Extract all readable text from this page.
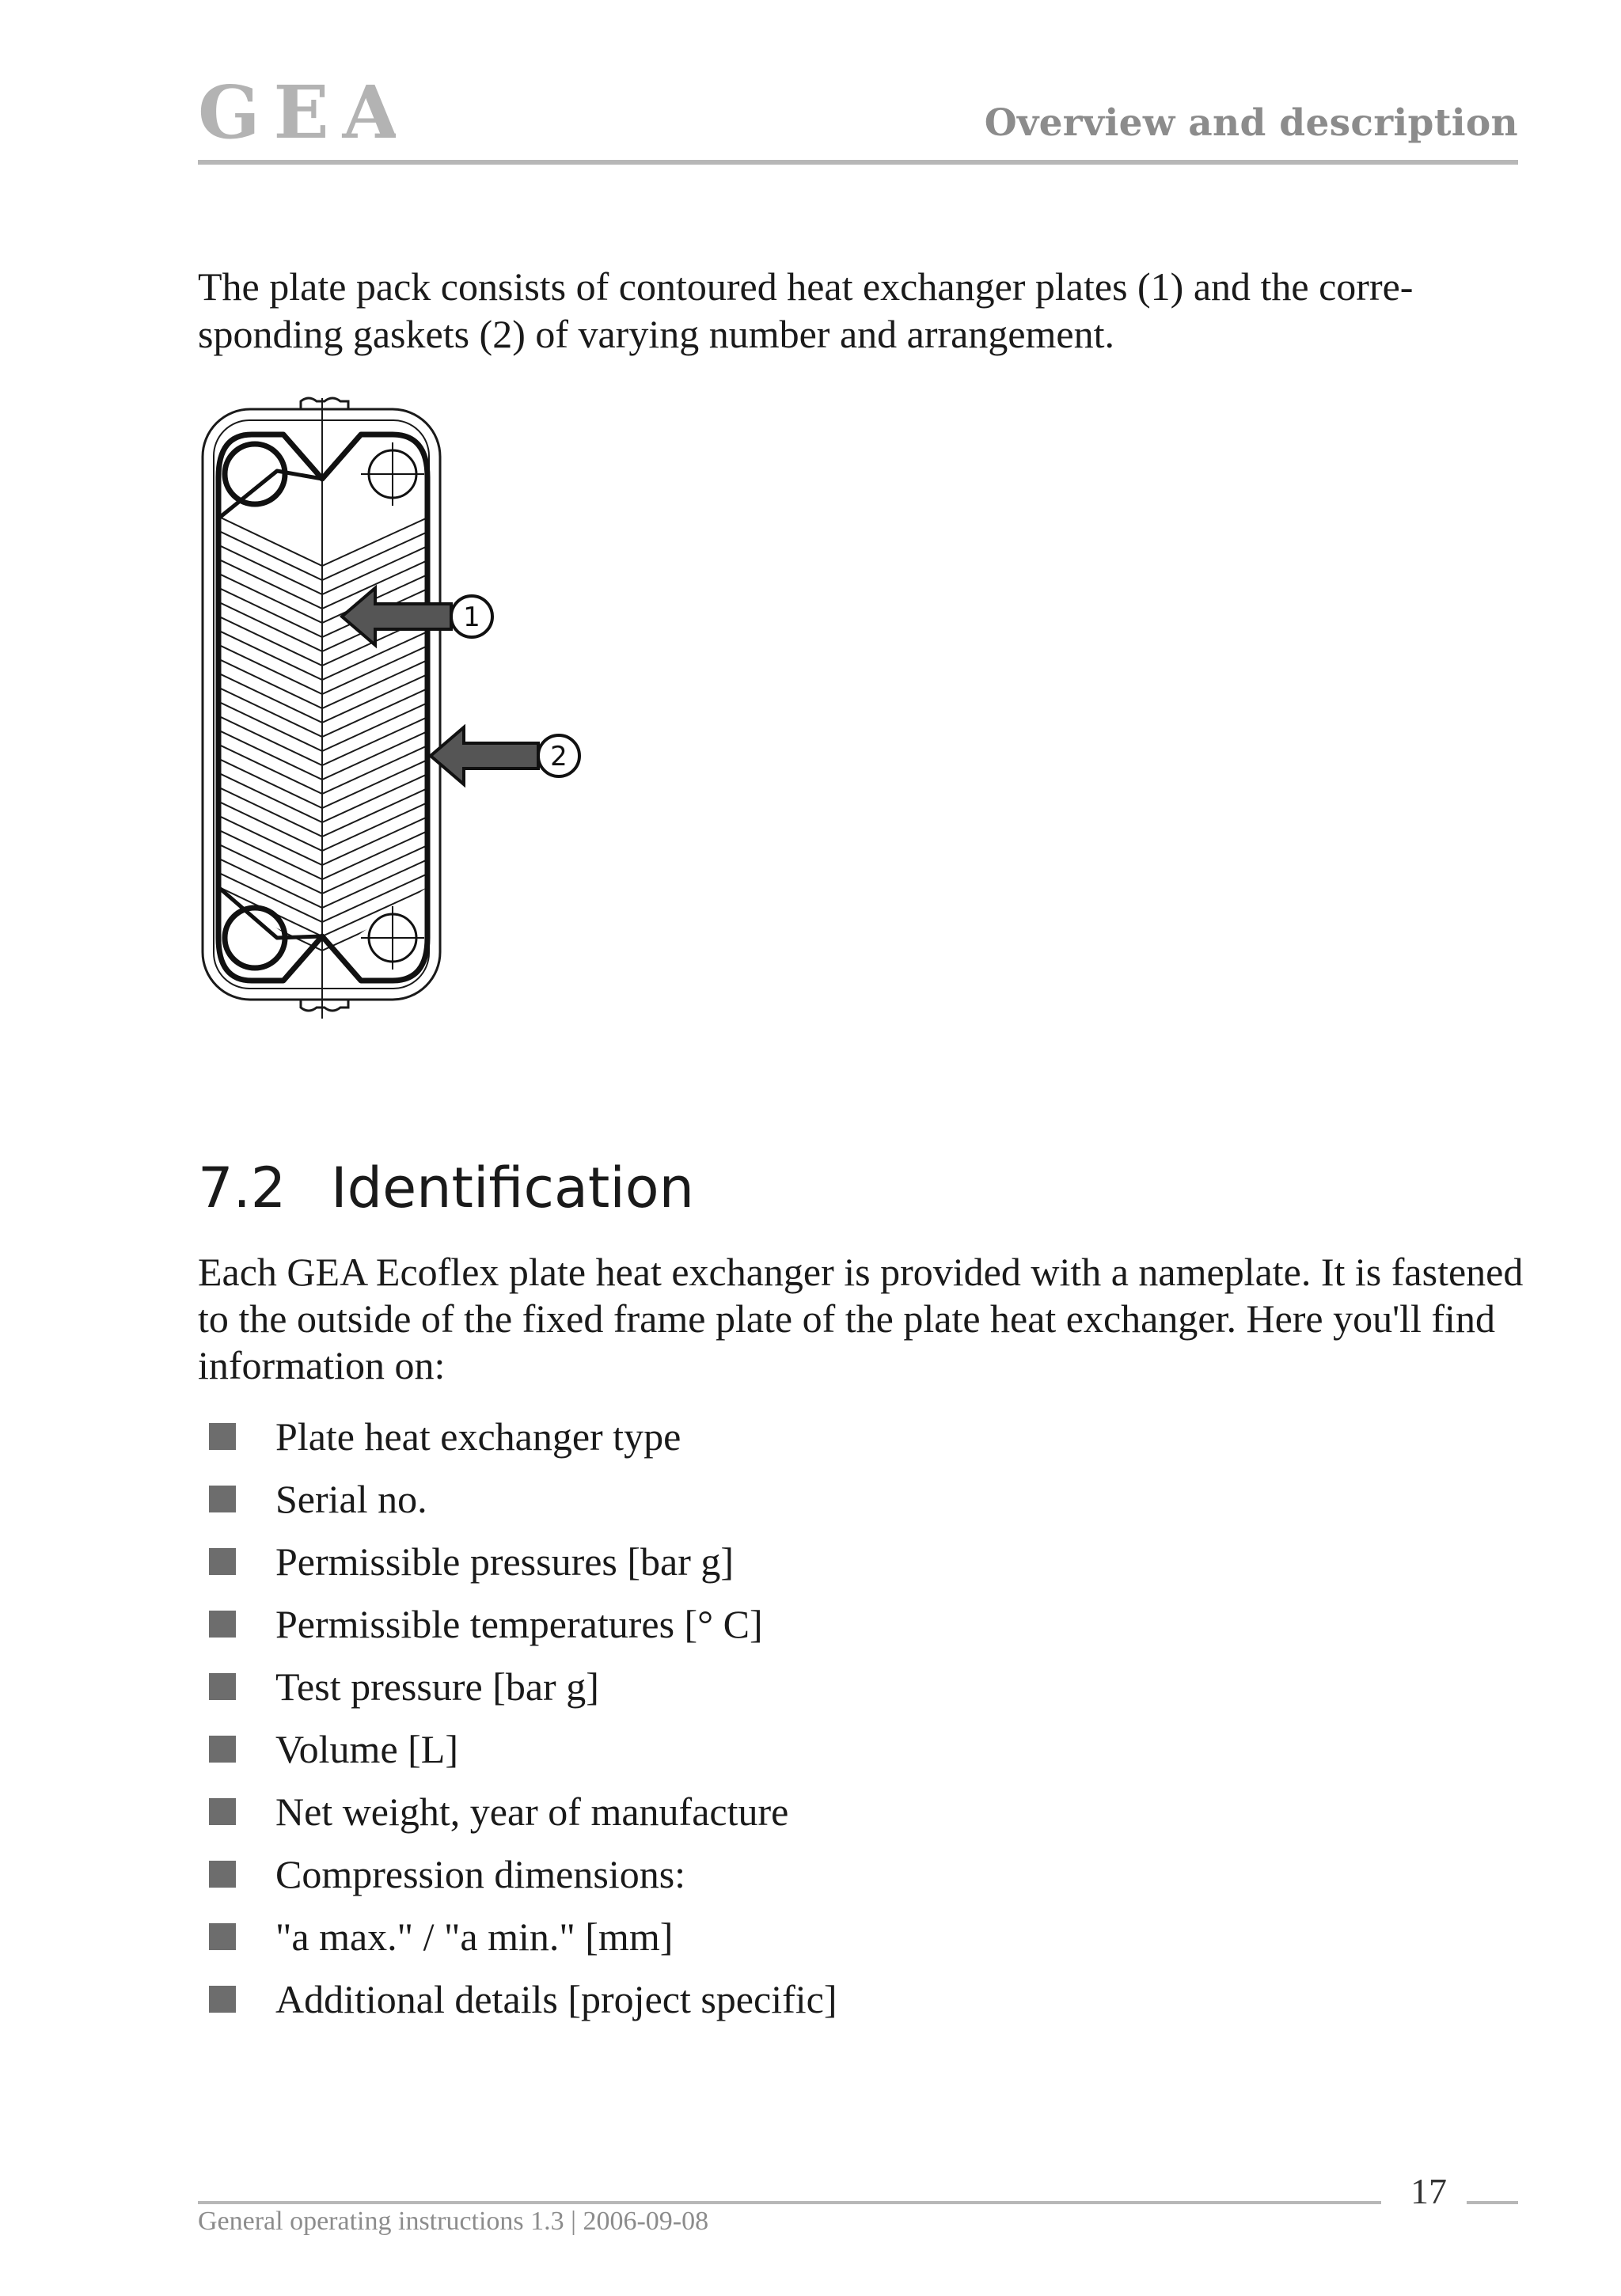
GEA	Overview and description

The plate pack consists of contoured heat exchanger plates (1) and the corre- sponding gaskets (2) of varying number and arrangement.

1
2
7.2 Identification

Each GEA Ecoflex plate heat exchanger is provided with a nameplate. It is fastened to the outside of the fixed frame plate of the plate heat exchanger. Here you'll find information on:

Plate heat exchanger type
Serial no.
Permissible pressures [bar g]
Permissible temperatures [° C]
Test pressure [bar g]
Volume [L]
Net weight, year of manufacture
Compression dimensions:
"a max." / "a min." [mm]
Additional details [project specific]
17
General operating instructions 1.3 | 2006-09-08
